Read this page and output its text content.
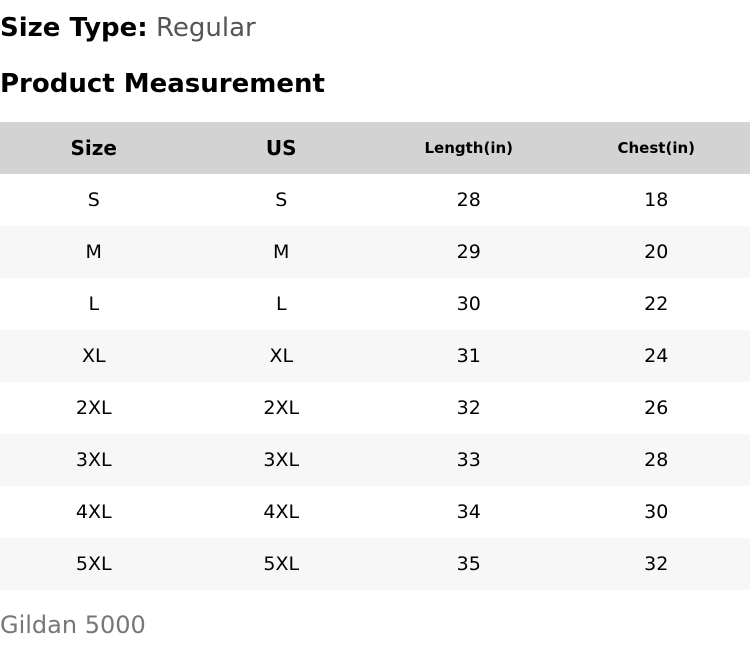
Size Type: Regular
Product Measurement
Size	US	Length(in)	Chest(in)
S	S	28	18
M	M	29	20
L	L	30	22
XL	XL	31	24
2XL	2XL	32	26
3XL	3XL	33	28
4XL	4XL	34	30
5XL	5XL	35	32
Gildan 5000
